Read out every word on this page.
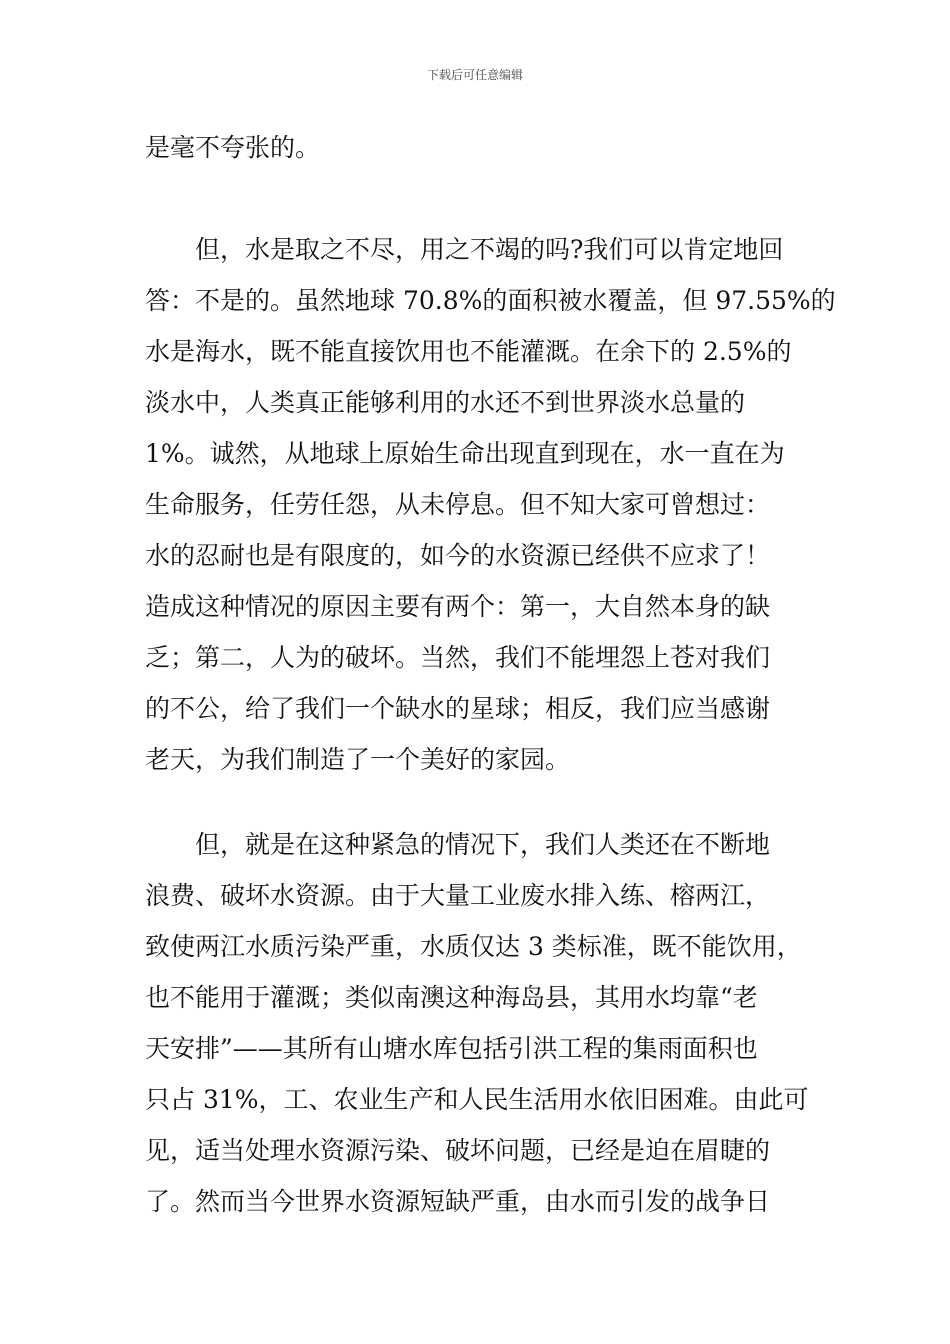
下载后可任意编辑
是毫不夸张的。
　　但，水是取之不尽，用之不竭的吗?我们可以肯定地回
答：不是的。虽然地球 70.8%的面积被水覆盖，但 97.55%的
水是海水，既不能直接饮用也不能灌溉。在余下的 2.5%的
淡水中，人类真正能够利用的水还不到世界淡水总量的
1%。诚然，从地球上原始生命出现直到现在，水一直在为
生命服务，任劳任怨，从未停息。但不知大家可曾想过：
水的忍耐也是有限度的，如今的水资源已经供不应求了！
造成这种情况的原因主要有两个：第一，大自然本身的缺
乏；第二，人为的破坏。当然，我们不能埋怨上苍对我们
的不公，给了我们一个缺水的星球；相反，我们应当感谢
老天，为我们制造了一个美好的家园。
　　但，就是在这种紧急的情况下，我们人类还在不断地
浪费、破坏水资源。由于大量工业废水排入练、榕两江，
致使两江水质污染严重，水质仅达 3 类标准，既不能饮用，
也不能用于灌溉；类似南澳这种海岛县，其用水均靠“老
天安排”——其所有山塘水库包括引洪工程的集雨面积也
只占 31%，工、农业生产和人民生活用水依旧困难。由此可
见，适当处理水资源污染、破坏问题，已经是迫在眉睫的
了。然而当今世界水资源短缺严重，由水而引发的战争日
